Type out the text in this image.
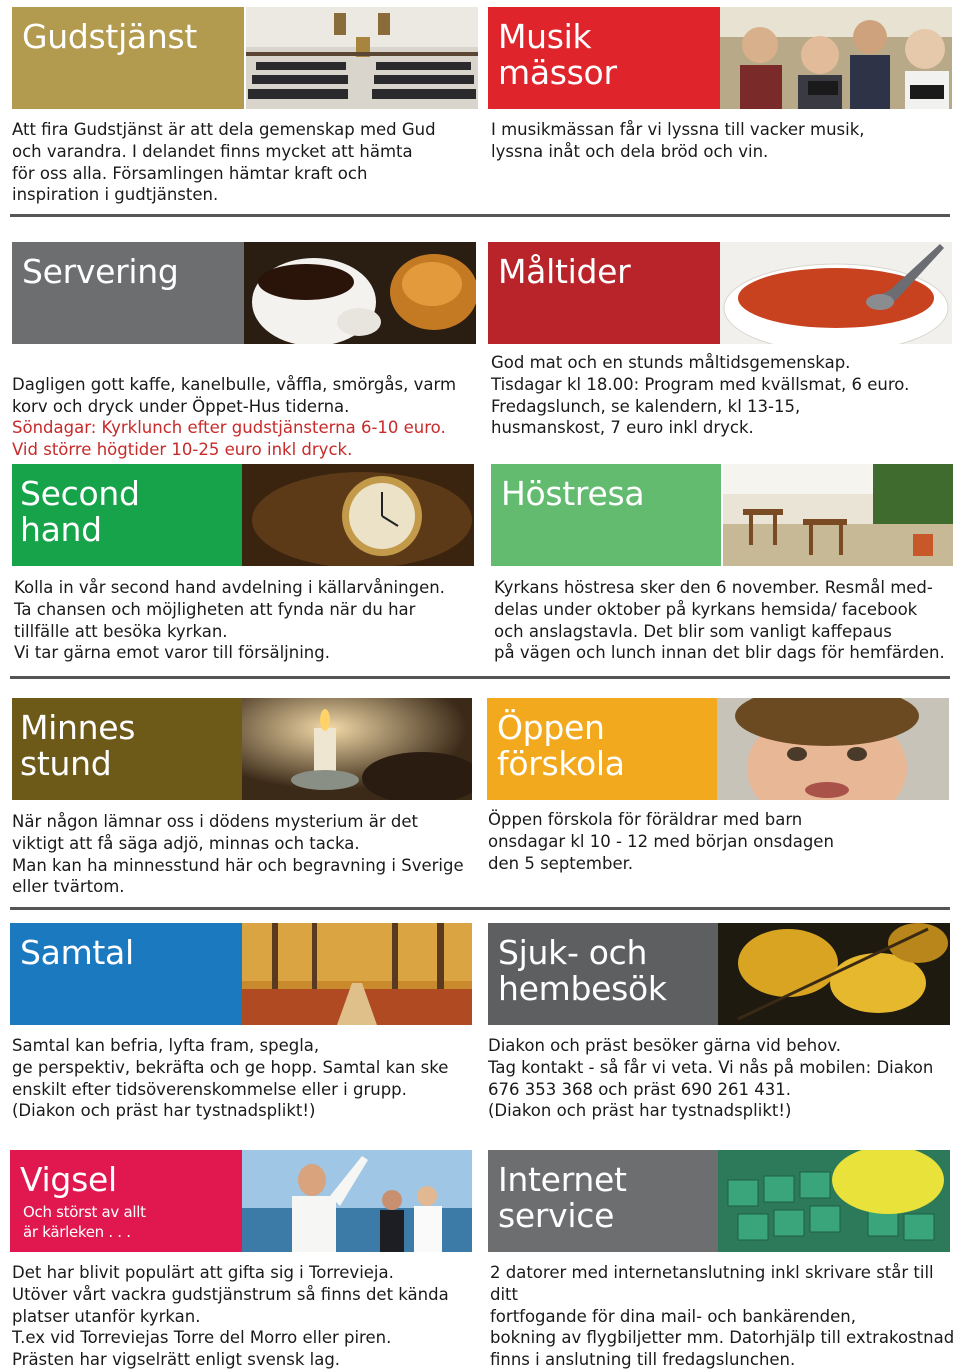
Gudstjänst
Att fira Gudstjänst är att dela gemenskap med Gud
och varandra. I delandet finns mycket att hämta
för oss alla. Församlingen hämtar kraft och
inspiration i gudtjänsten.
Musik
mässor
I musikmässan får vi lyssna till vacker musik,
lyssna inåt och dela bröd och vin.
Servering

Dagligen gott kaffe, kanelbulle, våffla, smörgås, varm
korv och dryck under Öppet-Hus tiderna.

Söndagar: Kyrklunch efter gudstjänsterna 6-10 euro.
Vid större högtider 10-25 euro inkl dryck.

Måltider
God mat och en stunds måltidsgemenskap.
Tisdagar kl 18.00: Program med kvällsmat, 6 euro.
Fredagslunch, se kalendern, kl 13-15,
husmanskost, 7 euro inkl dryck.
Second
hand
Kolla in vår second hand avdelning i källarvåningen.
Ta chansen och möjligheten att fynda när du har
tillfälle att besöka kyrkan.
Vi tar gärna emot varor till försäljning.
Höstresa
Kyrkans höstresa sker den 6 november. Resmål med-
delas under oktober på kyrkans hemsida/ facebook
och anslagstavla. Det blir som vanligt kaffepaus
på vägen och lunch innan det blir dags för hemfärden.
Minnes
stund
När någon lämnar oss i dödens mysterium är det
viktigt att få säga adjö, minnas och tacka.
Man kan ha minnesstund här och begravning i Sverige
eller tvärtom.
Öppen
förskola
Öppen förskola för föräldrar med barn
onsdagar kl 10 - 12 med början onsdagen
den 5 september.
Samtal
Samtal kan befria, lyfta fram, spegla,
ge perspektiv, bekräfta och ge hopp. Samtal kan ske
enskilt efter tidsöverenskommelse eller i grupp.
(Diakon och präst har tystnadsplikt!)
Sjuk- och
hembesök
Diakon och präst besöker gärna vid behov.
Tag kontakt - så får vi veta. Vi nås på mobilen: Diakon
676 353 368 och präst 690 261 431.
(Diakon och präst har tystnadsplikt!)
Vigsel
Och störst av allt
är kärleken . . .
Det har blivit populärt att gifta sig i Torrevieja.
Utöver vårt vackra gudstjänstrum så finns det kända
platser utanför kyrkan.
T.ex vid Torreviejas Torre del Morro eller piren.
Prästen har vigselrätt enligt svensk lag.
Internet
service
2 datorer med internetanslutning inkl skrivare står till ditt
fortfogande för dina mail- och bankärenden,
bokning av flygbiljetter mm. Datorhjälp till extrakostnad
finns i anslutning till fredagslunchen.
